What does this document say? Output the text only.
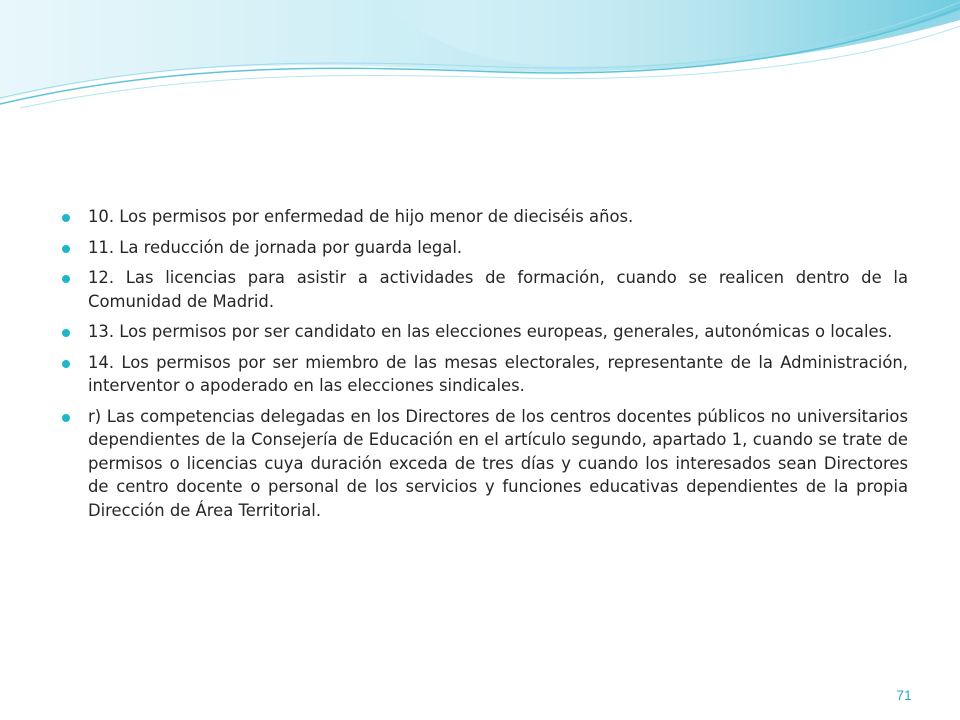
10. Los permisos por enfermedad de hijo menor de dieciséis años.
11. La reducción de jornada por guarda legal.
12. Las licencias para asistir a actividades de formación, cuando se realicen dentro de la Comunidad de Madrid.
13. Los permisos por ser candidato en las elecciones europeas, generales, autonómicas o locales.
14. Los permisos por ser miembro de las mesas electorales, representante de la Administración, interventor o apoderado en las elecciones sindicales.
r) Las competencias delegadas en los Directores de los centros docentes públicos no universitarios dependientes de la Consejería de Educación en el artículo segundo, apartado 1, cuando se trate de permisos o licencias cuya duración exceda de tres días y cuando los interesados sean Directores de centro docente o personal de los servicios y funciones educativas dependientes de la propia Dirección de Área Territorial.
71
